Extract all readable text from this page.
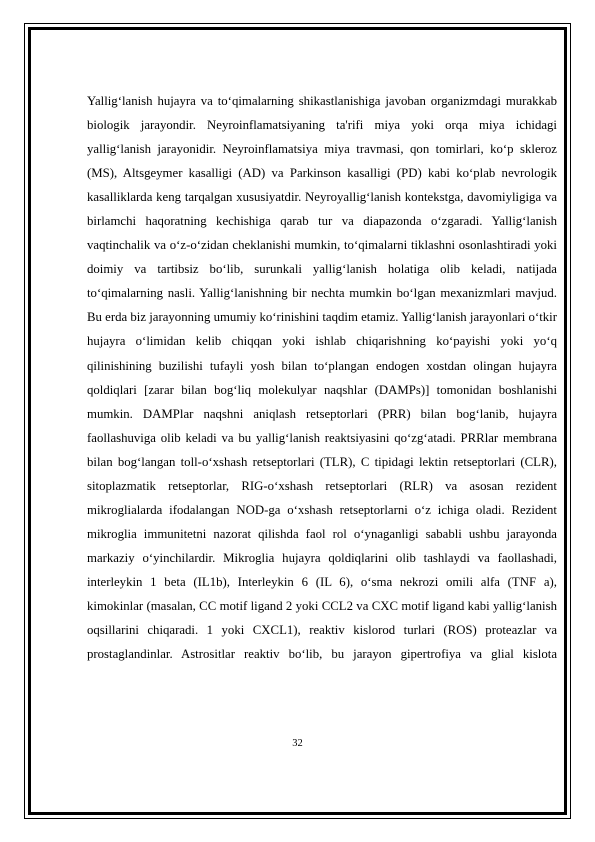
Yallig‘lanish hujayra va to‘qimalarning shikastlanishiga javoban organizmdagi murakkab biologik jarayondir. Neyroinflamatsiyaning ta'rifi miya yoki orqa miya ichidagi yallig‘lanish jarayonidir. Neyroinflamatsiya miya travmasi, qon tomirlari, ko‘p skleroz (MS), Altsgeymer kasalligi (AD) va Parkinson kasalligi (PD) kabi ko‘plab nevrologik kasalliklarda keng tarqalgan xususiyatdir. Neyroyallig‘lanish kontekstga, davomiyligiga va birlamchi haqoratning kechishiga qarab tur va diapazonda o‘zgaradi. Yallig‘lanish vaqtinchalik va o‘z-o‘zidan cheklanishi mumkin, to‘qimalarni tiklashni osonlashtiradi yoki doimiy va tartibsiz bo‘lib, surunkali yallig‘lanish holatiga olib keladi, natijada to‘qimalarning nasli. Yallig‘lanishning bir nechta mumkin bo‘lgan mexanizmlari mavjud. Bu erda biz jarayonning umumiy ko‘rinishini taqdim etamiz. Yallig‘lanish jarayonlari o‘tkir hujayra o‘limidan kelib chiqqan yoki ishlab chiqarishning ko‘payishi yoki yo‘q qilinishining buzilishi tufayli yosh bilan to‘plangan endogen xostdan olingan hujayra qoldiqlari [zarar bilan bog‘liq molekulyar naqshlar (DAMPs)] tomonidan boshlanishi mumkin. DAMPlar naqshni aniqlash retseptorlari (PRR) bilan bog‘lanib, hujayra faollashuviga olib keladi va bu yallig‘lanish reaktsiyasini qo‘zg‘atadi. PRRlar membrana bilan bog‘langan toll-o‘xshash retseptorlari (TLR), C tipidagi lektin retseptorlari (CLR), sitoplazmatik retseptorlar, RIG-o‘xshash retseptorlari (RLR) va asosan rezident mikroglialarda ifodalangan NOD-ga o‘xshash retseptorlarni o‘z ichiga oladi. Rezident mikroglia immunitetni nazorat qilishda faol rol o‘ynaganligi sababli ushbu jarayonda markaziy o‘yinchilardir. Mikroglia hujayra qoldiqlarini olib tashlaydi va faollashadi, interleykin 1 beta (IL1b), Interleykin 6 (IL 6), o‘sma nekrozi omili alfa (TNF a), kimokinlar (masalan, CC motif ligand 2 yoki CCL2 va CXC motif ligand kabi yallig‘lanish oqsillarini chiqaradi. 1 yoki CXCL1), reaktiv kislorod turlari (ROS) proteazlar va prostaglandinlar. Astrositlar reaktiv bo‘lib, bu jarayon gipertrofiya va glial kislota

32
